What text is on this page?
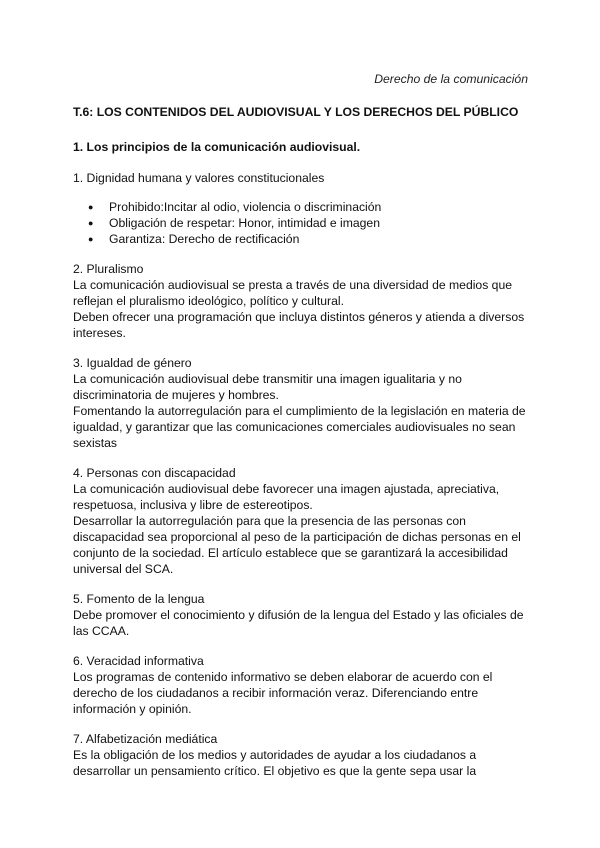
Derecho de la comunicación

T.6: LOS CONTENIDOS DEL AUDIOVISUAL Y LOS DERECHOS DEL PÚBLICO

1. Los principios de la comunicación audiovisual.

1. Dignidad humana y valores constitucionales

● Prohibido:Incitar al odio, violencia o discriminación
● Obligación de respetar: Honor, intimidad e imagen
● Garantiza: Derecho de rectificación

2. Pluralismo

La comunicación audiovisual se presta a través de una diversidad de medios que reflejan el pluralismo ideológico, político y cultural.

Deben ofrecer una programación que incluya distintos géneros y atienda a diversos intereses.

3. Igualdad de género

La comunicación audiovisual debe transmitir una imagen igualitaria y no discriminatoria de mujeres y hombres.

Fomentando la autorregulación para el cumplimiento de la legislación en materia de igualdad, y garantizar que las comunicaciones comerciales audiovisuales no sean sexistas

4. Personas con discapacidad

La comunicación audiovisual debe favorecer una imagen ajustada, apreciativa, respetuosa, inclusiva y libre de estereotipos.

Desarrollar la autorregulación para que la presencia de las personas con discapacidad sea proporcional al peso de la participación de dichas personas en el conjunto de la sociedad. El artículo establece que se garantizará la accesibilidad universal del SCA.

5. Fomento de la lengua

Debe promover el conocimiento y difusión de la lengua del Estado y las oficiales de las CCAA.

6. Veracidad informativa

Los programas de contenido informativo se deben elaborar de acuerdo con el derecho de los ciudadanos a recibir información veraz. Diferenciando entre información y opinión.

7. Alfabetización mediática

Es la obligación de los medios y autoridades de ayudar a los ciudadanos a desarrollar un pensamiento crítico. El objetivo es que la gente sepa usar la
